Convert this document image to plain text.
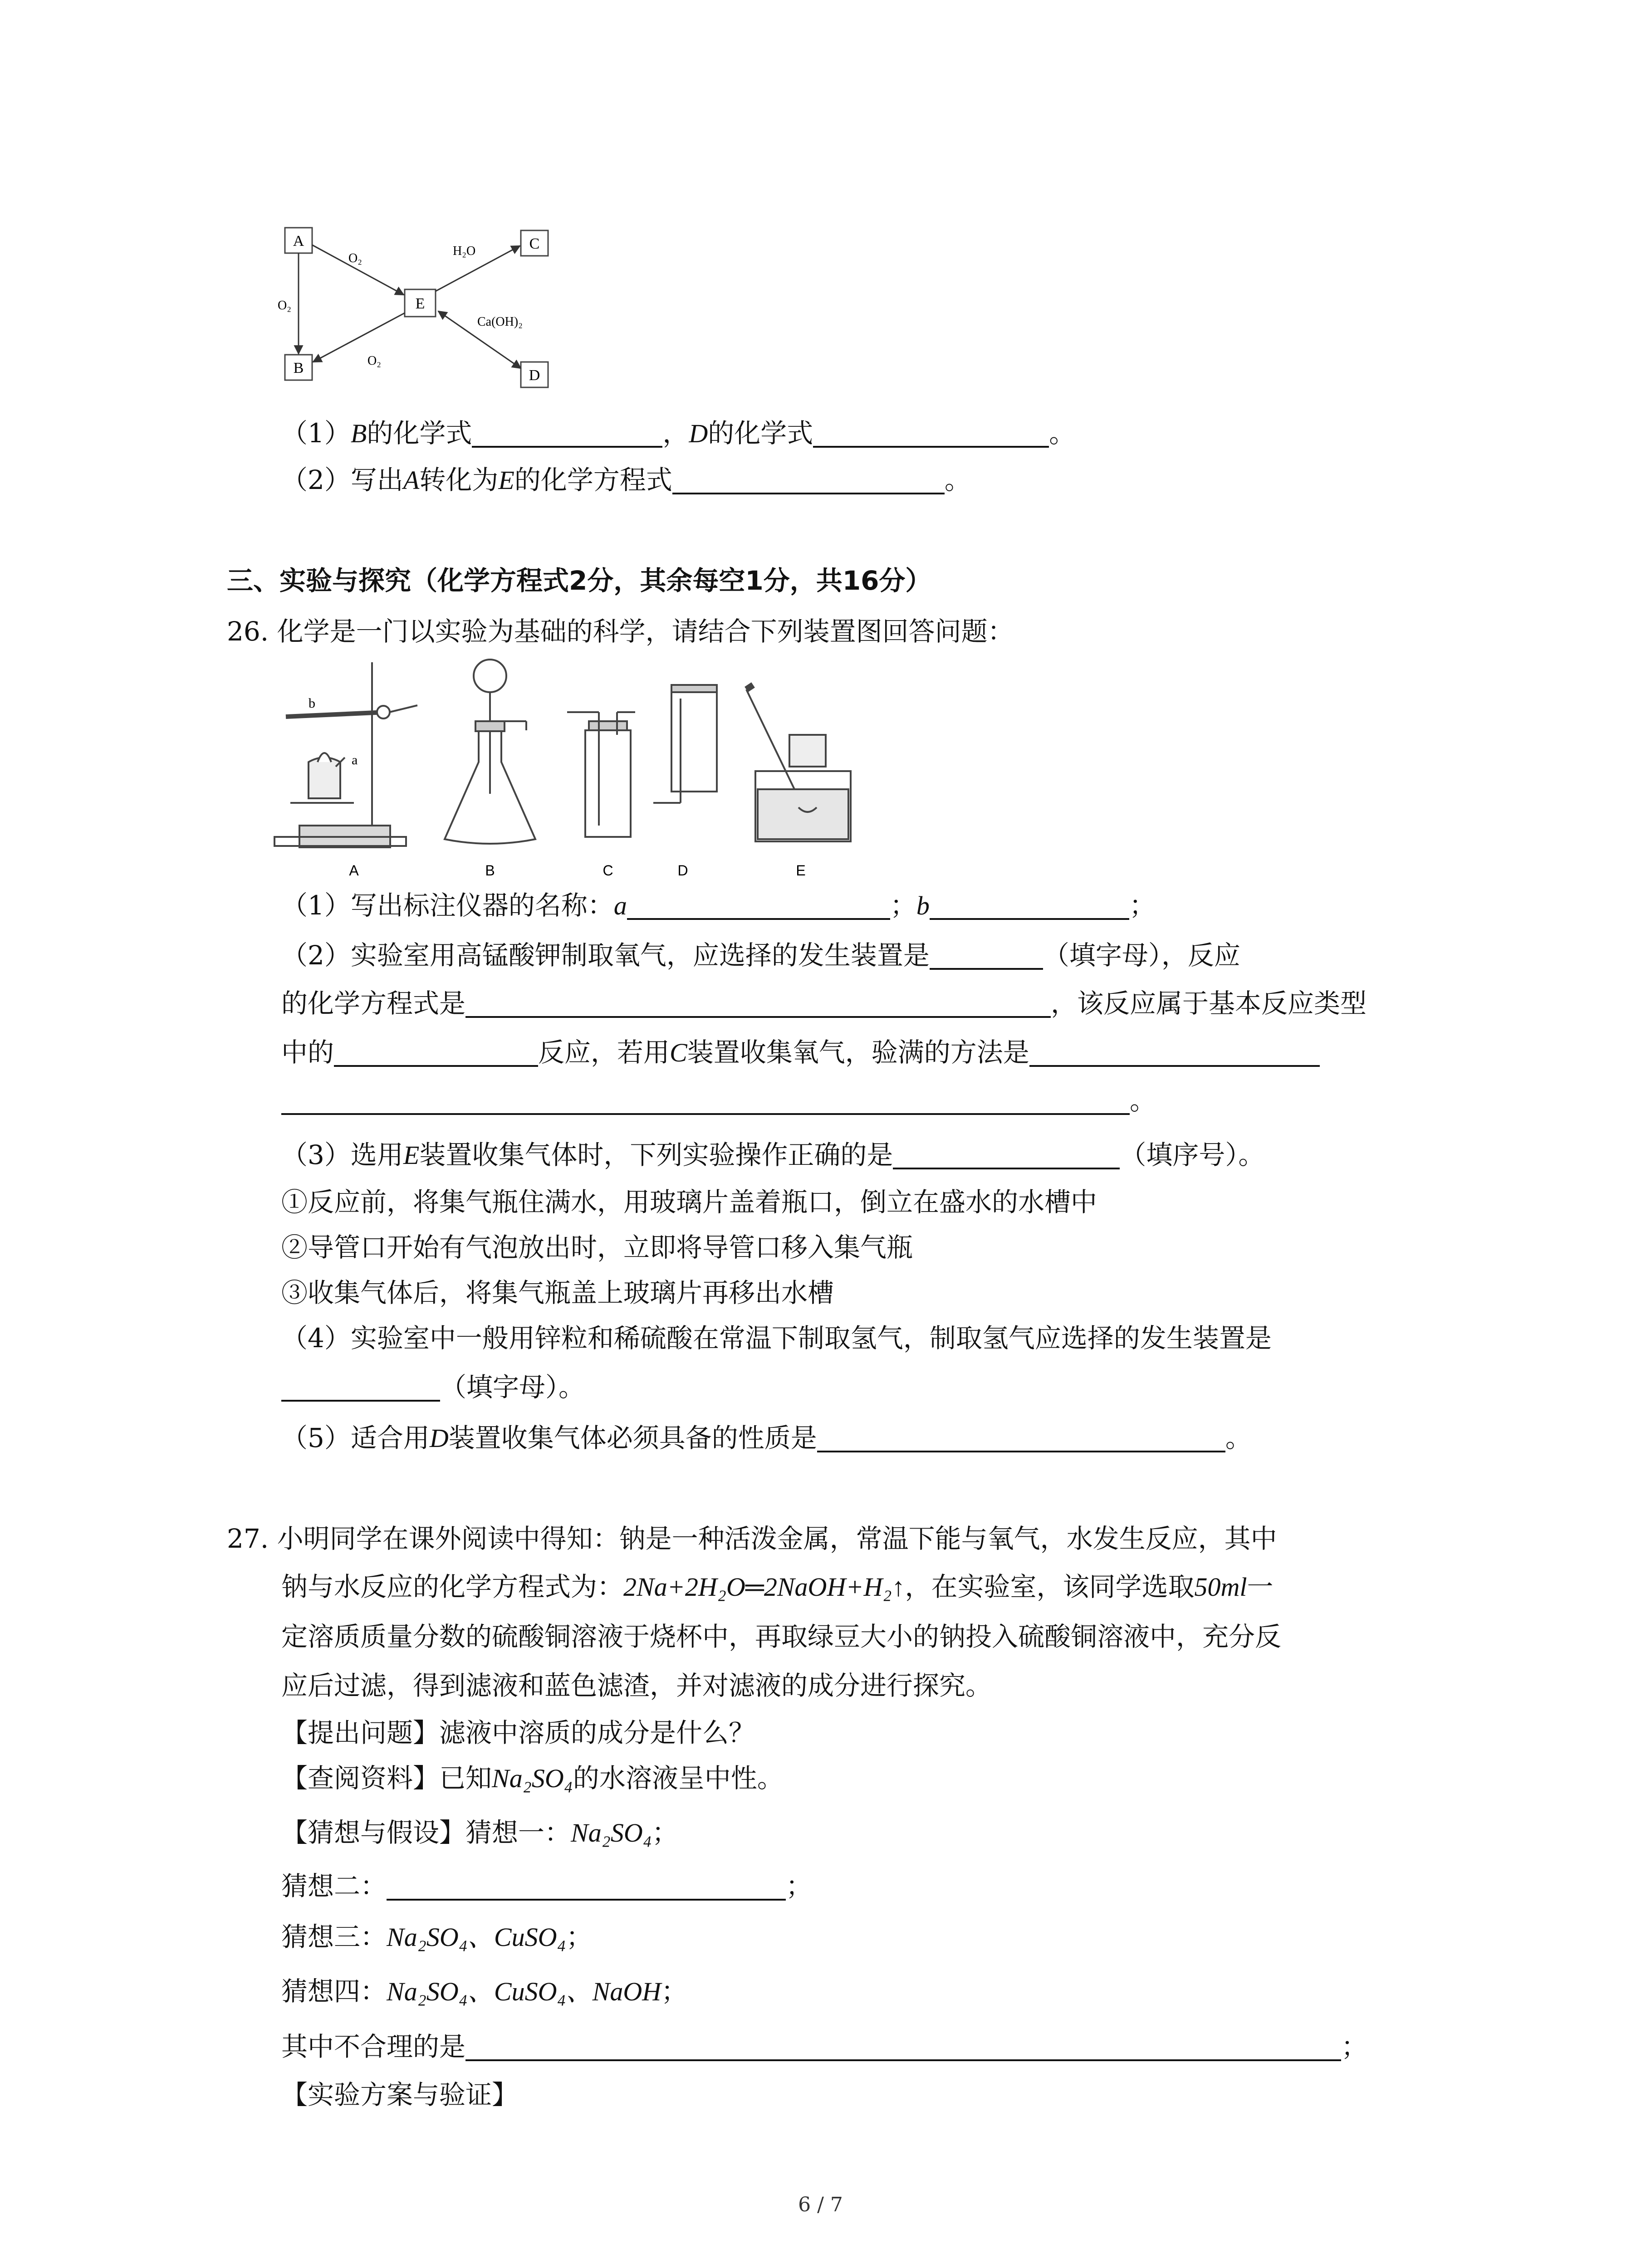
A
B
C
D
E
O₂
O₂
H₂O
Ca(OH)₂
O₂
（1）B的化学式	，D的化学式	。
（2）写出A转化为E的化学方程式	。
三、实验与探究（化学方程式2分，其余每空1分，共16分）
26. 化学是一门以实验为基础的科学，请结合下列装置图回答问题：
b
a
A	B	C	D	E
（1）写出标注仪器的名称：a	；b	；
（2）实验室用高锰酸钾制取氧气，应选择的发生装置是	（填字母），反应
的化学方程式是	，该反应属于基本反应类型
中的	反应，若用C装置收集氧气，验满的方法是
。
（3）选用E装置收集气体时，下列实验操作正确的是	（填序号）。
①反应前，将集气瓶住满水，用玻璃片盖着瓶口，倒立在盛水的水槽中
②导管口开始有气泡放出时，立即将导管口移入集气瓶
③收集气体后，将集气瓶盖上玻璃片再移出水槽
（4）实验室中一般用锌粒和稀硫酸在常温下制取氢气，制取氢气应选择的发生装置是
（填字母）。
（5）适合用D装置收集气体必须具备的性质是	。
27. 小明同学在课外阅读中得知：钠是一种活泼金属，常温下能与氧气，水发生反应，其中
钠与水反应的化学方程式为：2Na+2H₂O═2NaOH+H₂↑，在实验室，该同学选取50ml一
定溶质质量分数的硫酸铜溶液于烧杯中，再取绿豆大小的钠投入硫酸铜溶液中，充分反
应后过滤，得到滤液和蓝色滤渣，并对滤液的成分进行探究。
【提出问题】滤液中溶质的成分是什么？
【查阅资料】已知Na₂SO₄的水溶液呈中性。
【猜想与假设】猜想一：Na₂SO₄；
猜想二：	；
猜想三：Na₂SO₄、CuSO₄；
猜想四：Na₂SO₄、CuSO₄、NaOH；
其中不合理的是	；
【实验方案与验证】
6 / 7
